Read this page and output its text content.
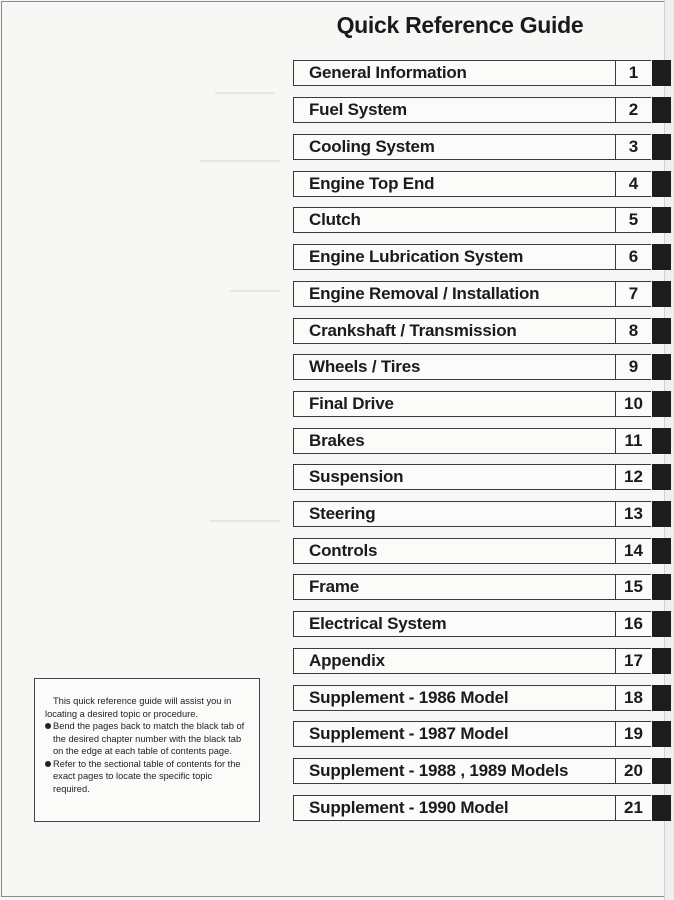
Quick Reference Guide
General Information	1
Fuel System	2
Cooling System	3
Engine Top End	4
Clutch	5
Engine Lubrication System	6
Engine Removal / Installation	7
Crankshaft / Transmission	8
Wheels / Tires	9
Final Drive	10
Brakes	11
Suspension	12
Steering	13
Controls	14
Frame	15
Electrical System	16
Appendix	17
Supplement - 1986 Model	18
Supplement - 1987 Model	19
Supplement - 1988 , 1989 Models	20
Supplement - 1990 Model	21

This quick reference guide will assist you in locating a desired topic or procedure.

Bend the pages back to match the black tab of the desired chapter number with the black tab on the edge at each table of contents page.
Refer to the sectional table of contents for the exact pages to locate the specific topic required.
